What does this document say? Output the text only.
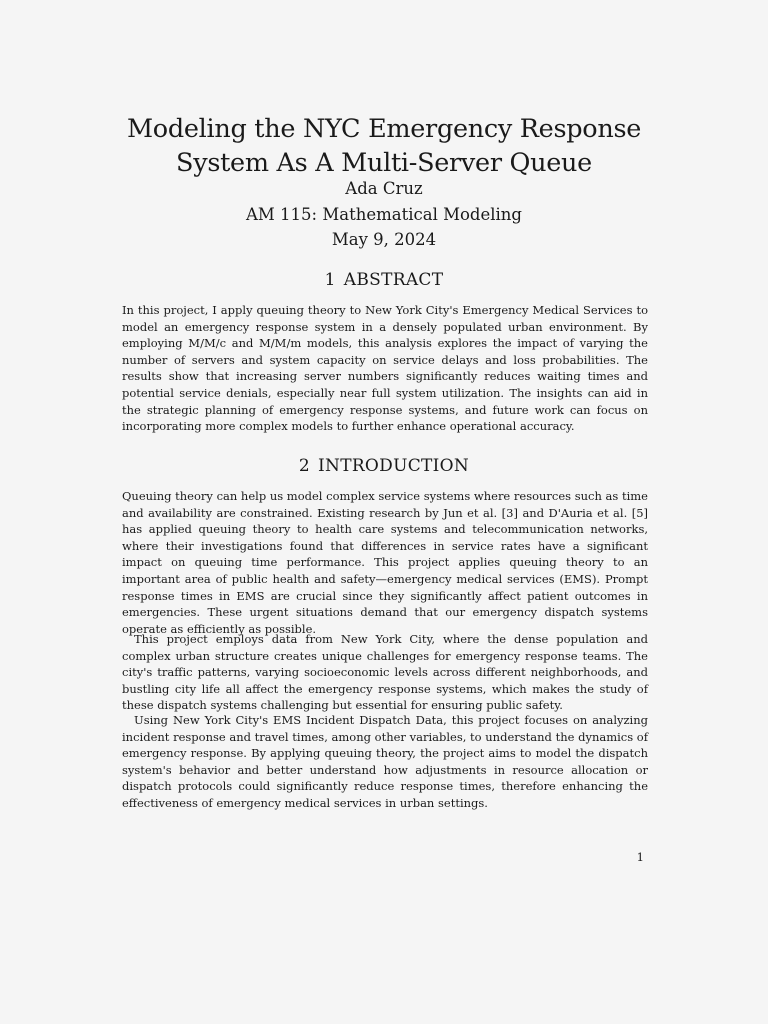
Modeling the NYC Emergency Response
System As A Multi-Server Queue
Ada Cruz
AM 115: Mathematical Modeling
May 9, 2024
1 ABSTRACT

In this project, I apply queuing theory to New York City's Emergency Medical Services to model an emergency response system in a densely populated urban environment. By employing M/M/c and M/M/m models, this analysis explores the impact of varying the number of servers and system capacity on service delays and loss probabilities. The results show that increasing server numbers significantly reduces waiting times and potential service denials, especially near full system utilization. The insights can aid in the strategic planning of emergency response systems, and future work can focus on incorporating more complex models to further enhance operational accuracy.

2 INTRODUCTION

Queuing theory can help us model complex service systems where resources such as time and availability are constrained. Existing research by Jun et al. [3] and D'Auria et al. [5] has applied queuing theory to health care systems and telecommunication networks, where their investigations found that differences in service rates have a significant impact on queuing time performance. This project applies queuing theory to an important area of public health and safety—emergency medical services (EMS). Prompt response times in EMS are crucial since they significantly affect patient outcomes in emergencies. These urgent situations demand that our emergency dispatch systems operate as efficiently as possible.

This project employs data from New York City, where the dense population and complex urban structure creates unique challenges for emergency response teams. The city's traffic patterns, varying socioeconomic levels across different neighborhoods, and bustling city life all affect the emergency response systems, which makes the study of these dispatch systems challenging but essential for ensuring public safety.

Using New York City's EMS Incident Dispatch Data, this project focuses on analyzing incident response and travel times, among other variables, to understand the dynamics of emergency response. By applying queuing theory, the project aims to model the dispatch system's behavior and better understand how adjustments in resource allocation or dispatch protocols could significantly reduce response times, therefore enhancing the effectiveness of emergency medical services in urban settings.

1
